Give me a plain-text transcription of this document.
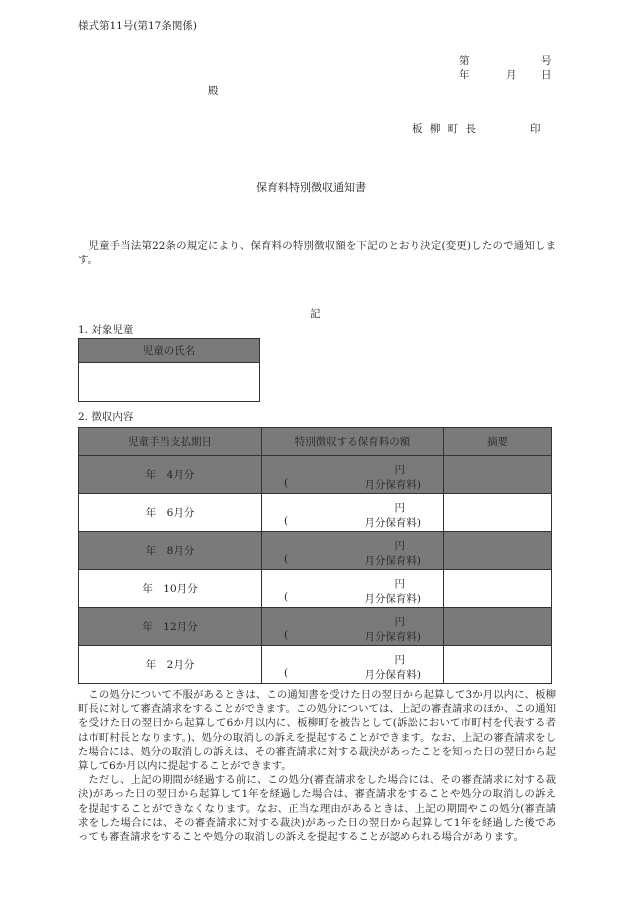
様式第11号(第17条関係)
第	号
年	月 日
殿
板 柳 町 長	印
保育料特別徴収通知書

児童手当法第22条の規定により、保育料の特別徴収額を下記のとおり決定(変更)したので通知します。

記
1. 対象児童
児童の氏名

2. 徴収内容
児童手当支払期日	特別徴収する保育料の額	摘要
年　4月分	円
( 月分保育料)	

年　6月分	円
( 月分保育料)	

年　8月分	円
( 月分保育料)	

年　10月分	円
( 月分保育料)	

年　12月分	円
( 月分保育料)	

年　2月分	円
( 月分保育料)	

この処分について不服があるときは、この通知書を受けた日の翌日から起算して3か月以内に、板柳町長に対して審査請求をすることができます。この処分については、上記の審査請求のほか、この通知を受けた日の翌日から起算して6か月以内に、板柳町を被告として(訴訟において市町村を代表する者は市町村長となります。)、処分の取消しの訴えを提起することができます。なお、上記の審査請求をした場合には、処分の取消しの訴えは、その審査請求に対する裁決があったことを知った日の翌日から起算して6か月以内に提起することができます。

ただし、上記の期間が経過する前に、この処分(審査請求をした場合には、その審査請求に対する裁決)があった日の翌日から起算して1年を経過した場合は、審査請求をすることや処分の取消しの訴えを提起することができなくなります。なお、正当な理由があるときは、上記の期間やこの処分(審査請求をした場合には、その審査請求に対する裁決)があった日の翌日から起算して1年を経過した後であっても審査請求をすることや処分の取消しの訴えを提起することが認められる場合があります。
